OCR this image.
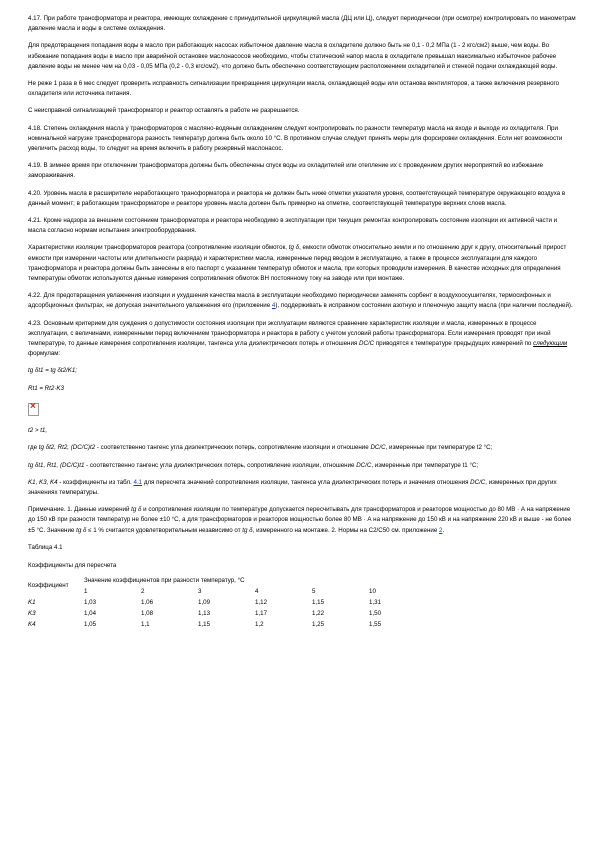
4.17. При работе трансформатора и реактора, имеющих охлаждение с принудительной циркуляцией масла (ДЦ или Ц), следует периодически (при осмотре) контролировать по манометрам давление масла и воды в системе охлаждения.

Для предотвращения попадания воды в масло при работающих насосах избыточное давление масла в охладителе должно быть не 0,1 - 0,2 МПа (1 - 2 кгс/см2) выше, чем воды. Во избежание попадания воды в масло при аварийной остановке маслонасосов необходимо, чтобы статический напор масла в охладителе превышал максимально избыточное рабочее давление воды не менее чем на 0,03 - 0,05 МПа (0,2 - 0,3 кгс/см2), что должно быть обеспечено соответствующим расположением охладителей и стенкой подачи охлаждающей воды.

Не реже 1 раза в 6 мес следует проверить исправность сигнализации прекращения циркуляции масла, охлаждающей воды или останова вентиляторов, а также включения резервного охладителя или источника питания.

С неисправной сигнализацией трансформатор и реактор оставлять в работе не разрешается.

4.18. Степень охлаждения масла у трансформаторов с масляно-водяным охлаждением следует контролировать по разности температур масла на входе и выходе из охладителя. При номинальной нагрузке трансформатора разность температур должна быть около 10 °С. В противном случае следует принять меры для форсировки охлаждения. Если нет возможности увеличить расход воды, то следует на время включить в работу резервный маслонасос.

4.19. В зимнее время при отключении трансформатора должны быть обеспечены спуск воды из охладителей или отепление их с проведением других мероприятий во избежание замораживания.

4.20. Уровень масла в расширителе неработающего трансформатора и реактора не должен быть ниже отметки указателя уровня, соответствующей температуре окружающего воздуха в данный момент; в работающем трансформаторе и реакторе уровень масла должен быть примерно на отметке, соответствующей температуре верхних слоев масла.

4.21. Кроме надзора за внешним состоянием трансформатора и реактора необходимо в эксплуатации при текущих ремонтах контролировать состояние изоляции их активной части и масла согласно нормам испытания электрооборудования.

Характеристики изоляции трансформаторов реактора (сопротивление изоляции обмоток, tg δ, емкости обмоток относительно земли и по отношению друг к другу, относительный прирост емкости при измерении частоты или длительности разряда) и характеристики масла, измеренные перед вводом в эксплуатацию, а также в процессе эксплуатации для каждого трансформатора и реактора должны быть занесены в его паспорт с указанием температур обмоток и масла, при которых проводили измерения. В качестве исходных для определения температуры обмоток используются данные измерения сопротивления обмоток ВН постоянному току на заводе или при монтаже.

4.22. Для предотвращения увлажнения изоляции и ухудшения качества масла в эксплуатации необходимо периодически заменять сорбент в воздухоосушителях, термосифонных и адсорбционных фильтрах, не допуская значительного увлажнения его (приложение 4), поддерживать в исправном состоянии азотную и пленочную защиту масла (при наличии последней).

4.23. Основным критерием для суждения о допустимости состояния изоляции при эксплуатации являются сравнение характеристик изоляции и масла, измеренных в процессе эксплуатации, с величинами, измеренными перед включением трансформатора и реактора в работу с учетом условий работы трансформатора. Если измерения проводят при иной температуре, то данные измерения сопротивления изоляции, тангенса угла диэлектрических потерь и отношения DC/C приводятся к температуре предыдущих измерений по следующим формулам:

tg δt1 = tg δt2/K1;

Rt1 = Rt2·K3

×

t2 > t1,

где tg δt2, Rt2, (DC/C)t2 - соответственно тангенс угла диэлектрических потерь, сопротивление изоляции и отношение DC/C, измеренные при температуре t2 °С;

tg δt1, Rt1, (DC/C)t1 - соответственно тангенс угла диэлектрических потерь, сопротивление изоляции, отношение DC/C, измеренные при температуре t1 °С;

K1, K3, K4 - коэффициенты из табл. 4.1 для пересчета значений сопротивления изоляции, тангенса угла диэлектрических потерь и значения отношения DC/C, измеренных при других значениях температуры.

Примечание. 1. Данные измерений tg δ и сопротивления изоляции по температуре допускается пересчитывать для трансформаторов и реакторов мощностью до 80 МВ · А на напряжение до 150 кВ при разности температур не более ±10 °С, а для трансформаторов и реакторов мощностью более 80 МВ · А на напряжение до 150 кВ и на напряжение 220 кВ и выше - не более ±5 °С. Значение tg δ ≤ 1 % считается удовлетворительным независимо от tg δ, измеренного на монтаже. 2. Нормы на С2/С50 см. приложение 2.

Таблица 4.1

Коэффициенты для пересчета

Коэффициент	Значение коэффициентов при разности температур, °С					
	1	2	3	4	5	10
K1	1,03	1,06	1,09	1,12	1,15	1,31
K3	1,04	1,08	1,13	1,17	1,22	1,50
K4	1,05	1,1	1,15	1,2	1,25	1,55
